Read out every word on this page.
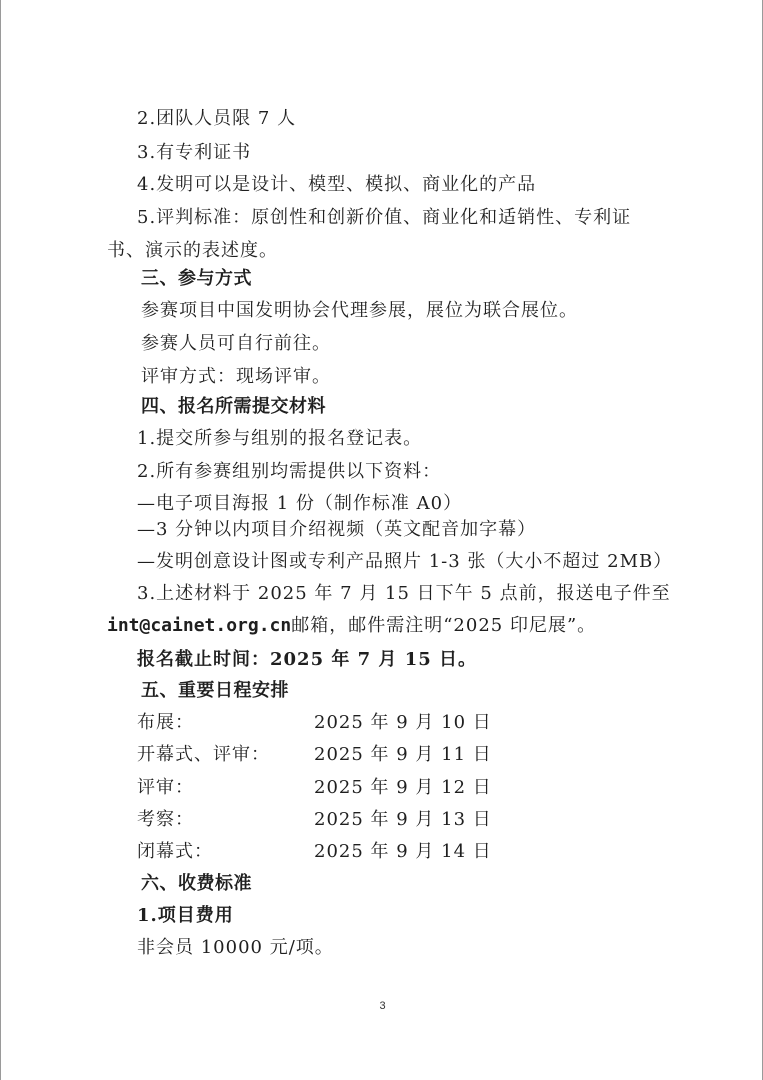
2.团队人员限 7 人
3.有专利证书
4.发明可以是设计、模型、模拟、商业化的产品
5.评判标准：原创性和创新价值、商业化和适销性、专利证
书、演示的表述度。
三、参与方式
参赛项目中国发明协会代理参展，展位为联合展位。
参赛人员可自行前往。
评审方式：现场评审。
四、报名所需提交材料
1.提交所参与组别的报名登记表。
2.所有参赛组别均需提供以下资料：
—电子项目海报 1 份（制作标准 A0）
—3 分钟以内项目介绍视频（英文配音加字幕）
—发明创意设计图或专利产品照片 1-3 张（大小不超过 2MB）
3.上述材料于 2025 年 7 月 15 日下午 5 点前，报送电子件至
int@cainet.org.cn邮箱，邮件需注明“2025 印尼展”。
报名截止时间：2025 年 7 月 15 日。
五、重要日程安排
布展：	2025 年 9 月 10 日
开幕式、评审： 2025 年 9 月 11 日
评审：	2025 年 9 月 12 日
考察：	2025 年 9 月 13 日
闭幕式：	2025 年 9 月 14 日
六、收费标准
1.项目费用
非会员 10000 元/项。
3
